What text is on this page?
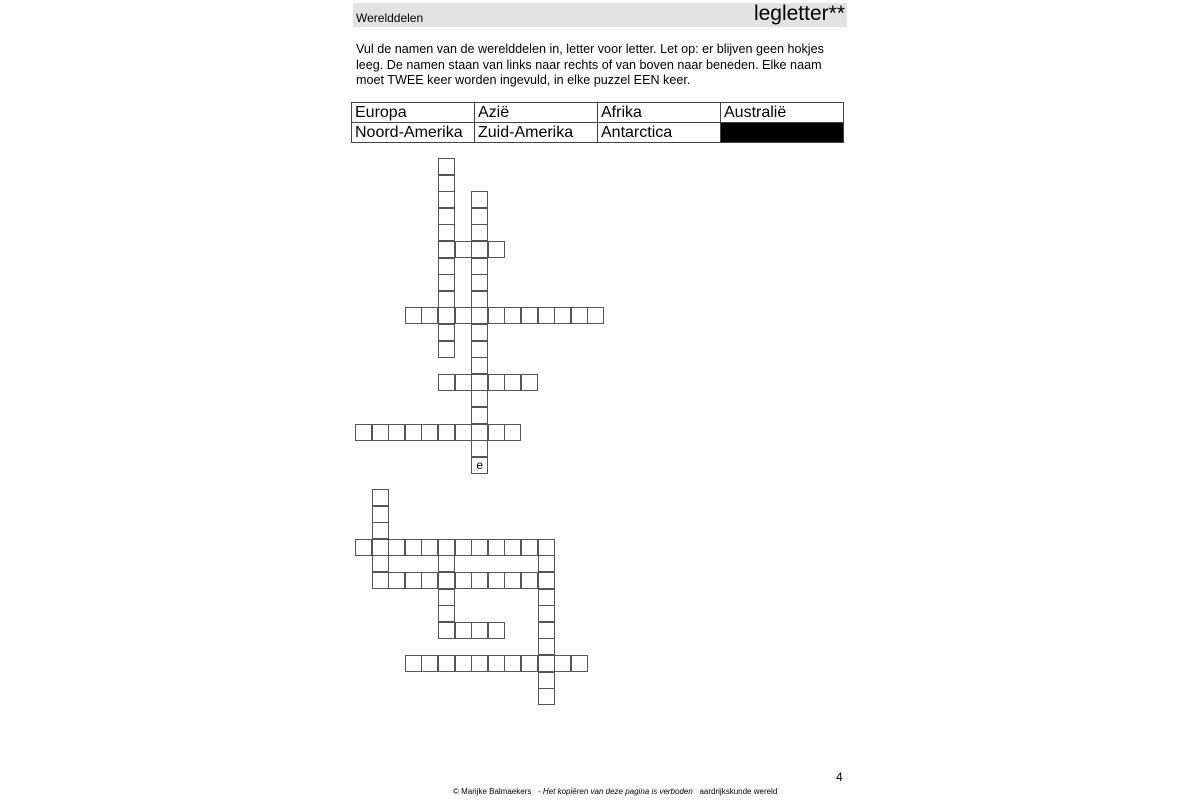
Werelddelen	legletter**

Vul de namen van de werelddelen in, letter voor letter. Let op: er blijven geen hokjes leeg. De namen staan van links naar rechts of van boven naar beneden. Elke naam moet TWEE keer worden ingevuld, in elke puzzel EEN keer.

Europa	Azië	Afrika	Australië
Noord-Amerika	Zuid-Amerika	Antarctica	
e
4
© Marijke Balmaekers - Het kopiëren van deze pagina is verboden aardrijkskunde wereld
